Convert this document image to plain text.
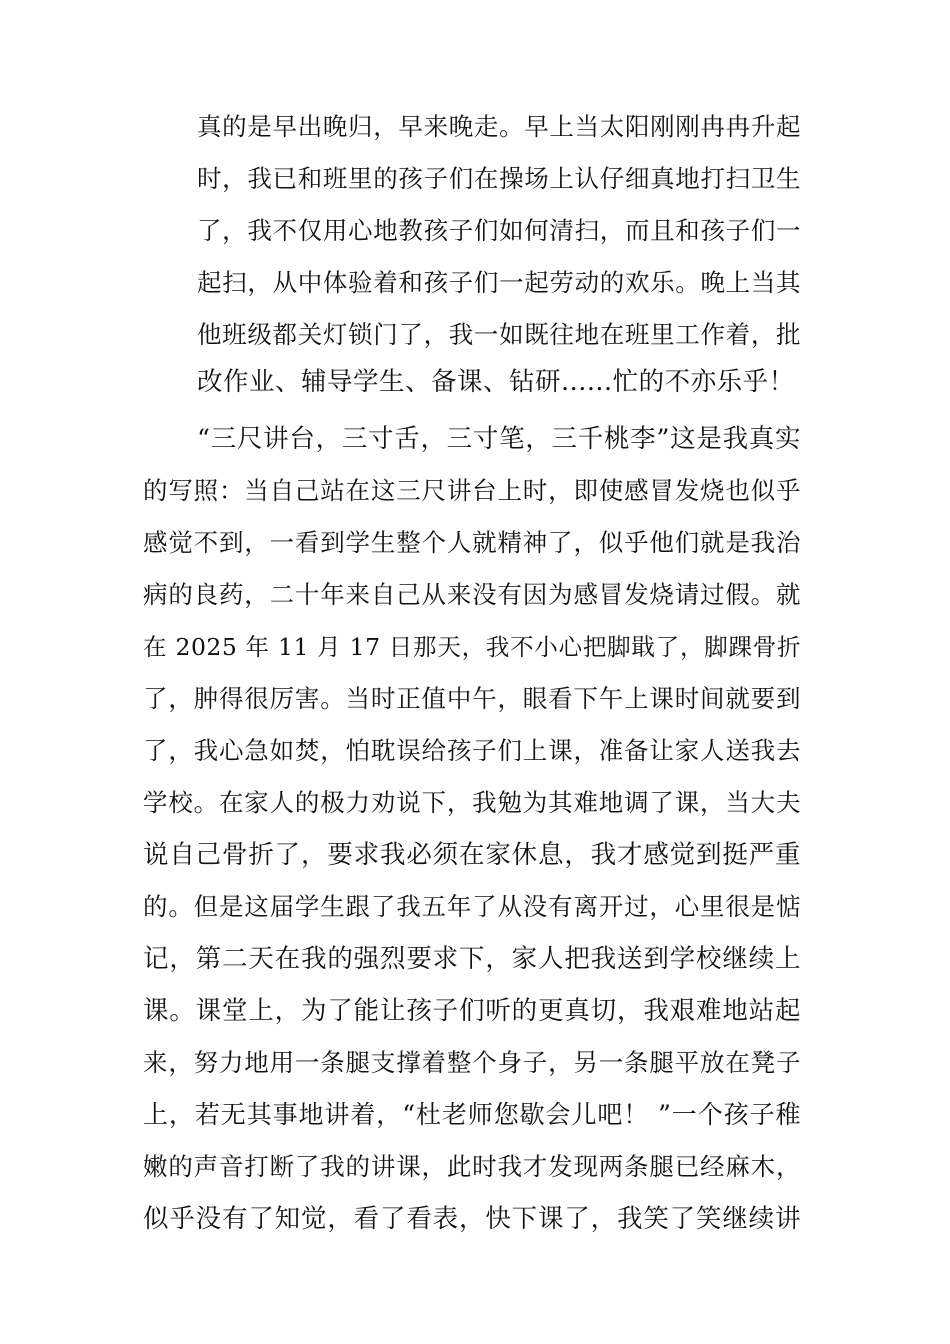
真的是早出晚归，早来晚走。早上当太阳刚刚冉冉升起
时，我已和班里的孩子们在操场上认仔细真地打扫卫生
了，我不仅用心地教孩子们如何清扫，而且和孩子们一
起扫，从中体验着和孩子们一起劳动的欢乐。晚上当其
他班级都关灯锁门了，我一如既往地在班里工作着，批
改作业、辅导学生、备课、钻研......忙的不亦乐乎！
“三尺讲台，三寸舌，三寸笔，三千桃李”这是我真实
的写照：当自己站在这三尺讲台上时，即使感冒发烧也似乎
感觉不到，一看到学生整个人就精神了，似乎他们就是我治
病的良药，二十年来自己从来没有因为感冒发烧请过假。就
在 2025 年 11 月 17 日那天，我不小心把脚戢了，脚踝骨折
了，肿得很厉害。当时正值中午，眼看下午上课时间就要到
了，我心急如焚，怕耽误给孩子们上课，准备让家人送我去
学校。在家人的极力劝说下，我勉为其难地调了课，当大夫
说自己骨折了，要求我必须在家休息，我才感觉到挺严重
的。但是这届学生跟了我五年了从没有离开过，心里很是惦
记，第二天在我的强烈要求下，家人把我送到学校继续上
课。课堂上，为了能让孩子们听的更真切，我艰难地站起
来，努力地用一条腿支撑着整个身子，另一条腿平放在凳子
上，若无其事地讲着，“杜老师您歇会儿吧！ ”一个孩子稚
嫩的声音打断了我的讲课，此时我才发现两条腿已经麻木，
似乎没有了知觉，看了看表，快下课了，我笑了笑继续讲
